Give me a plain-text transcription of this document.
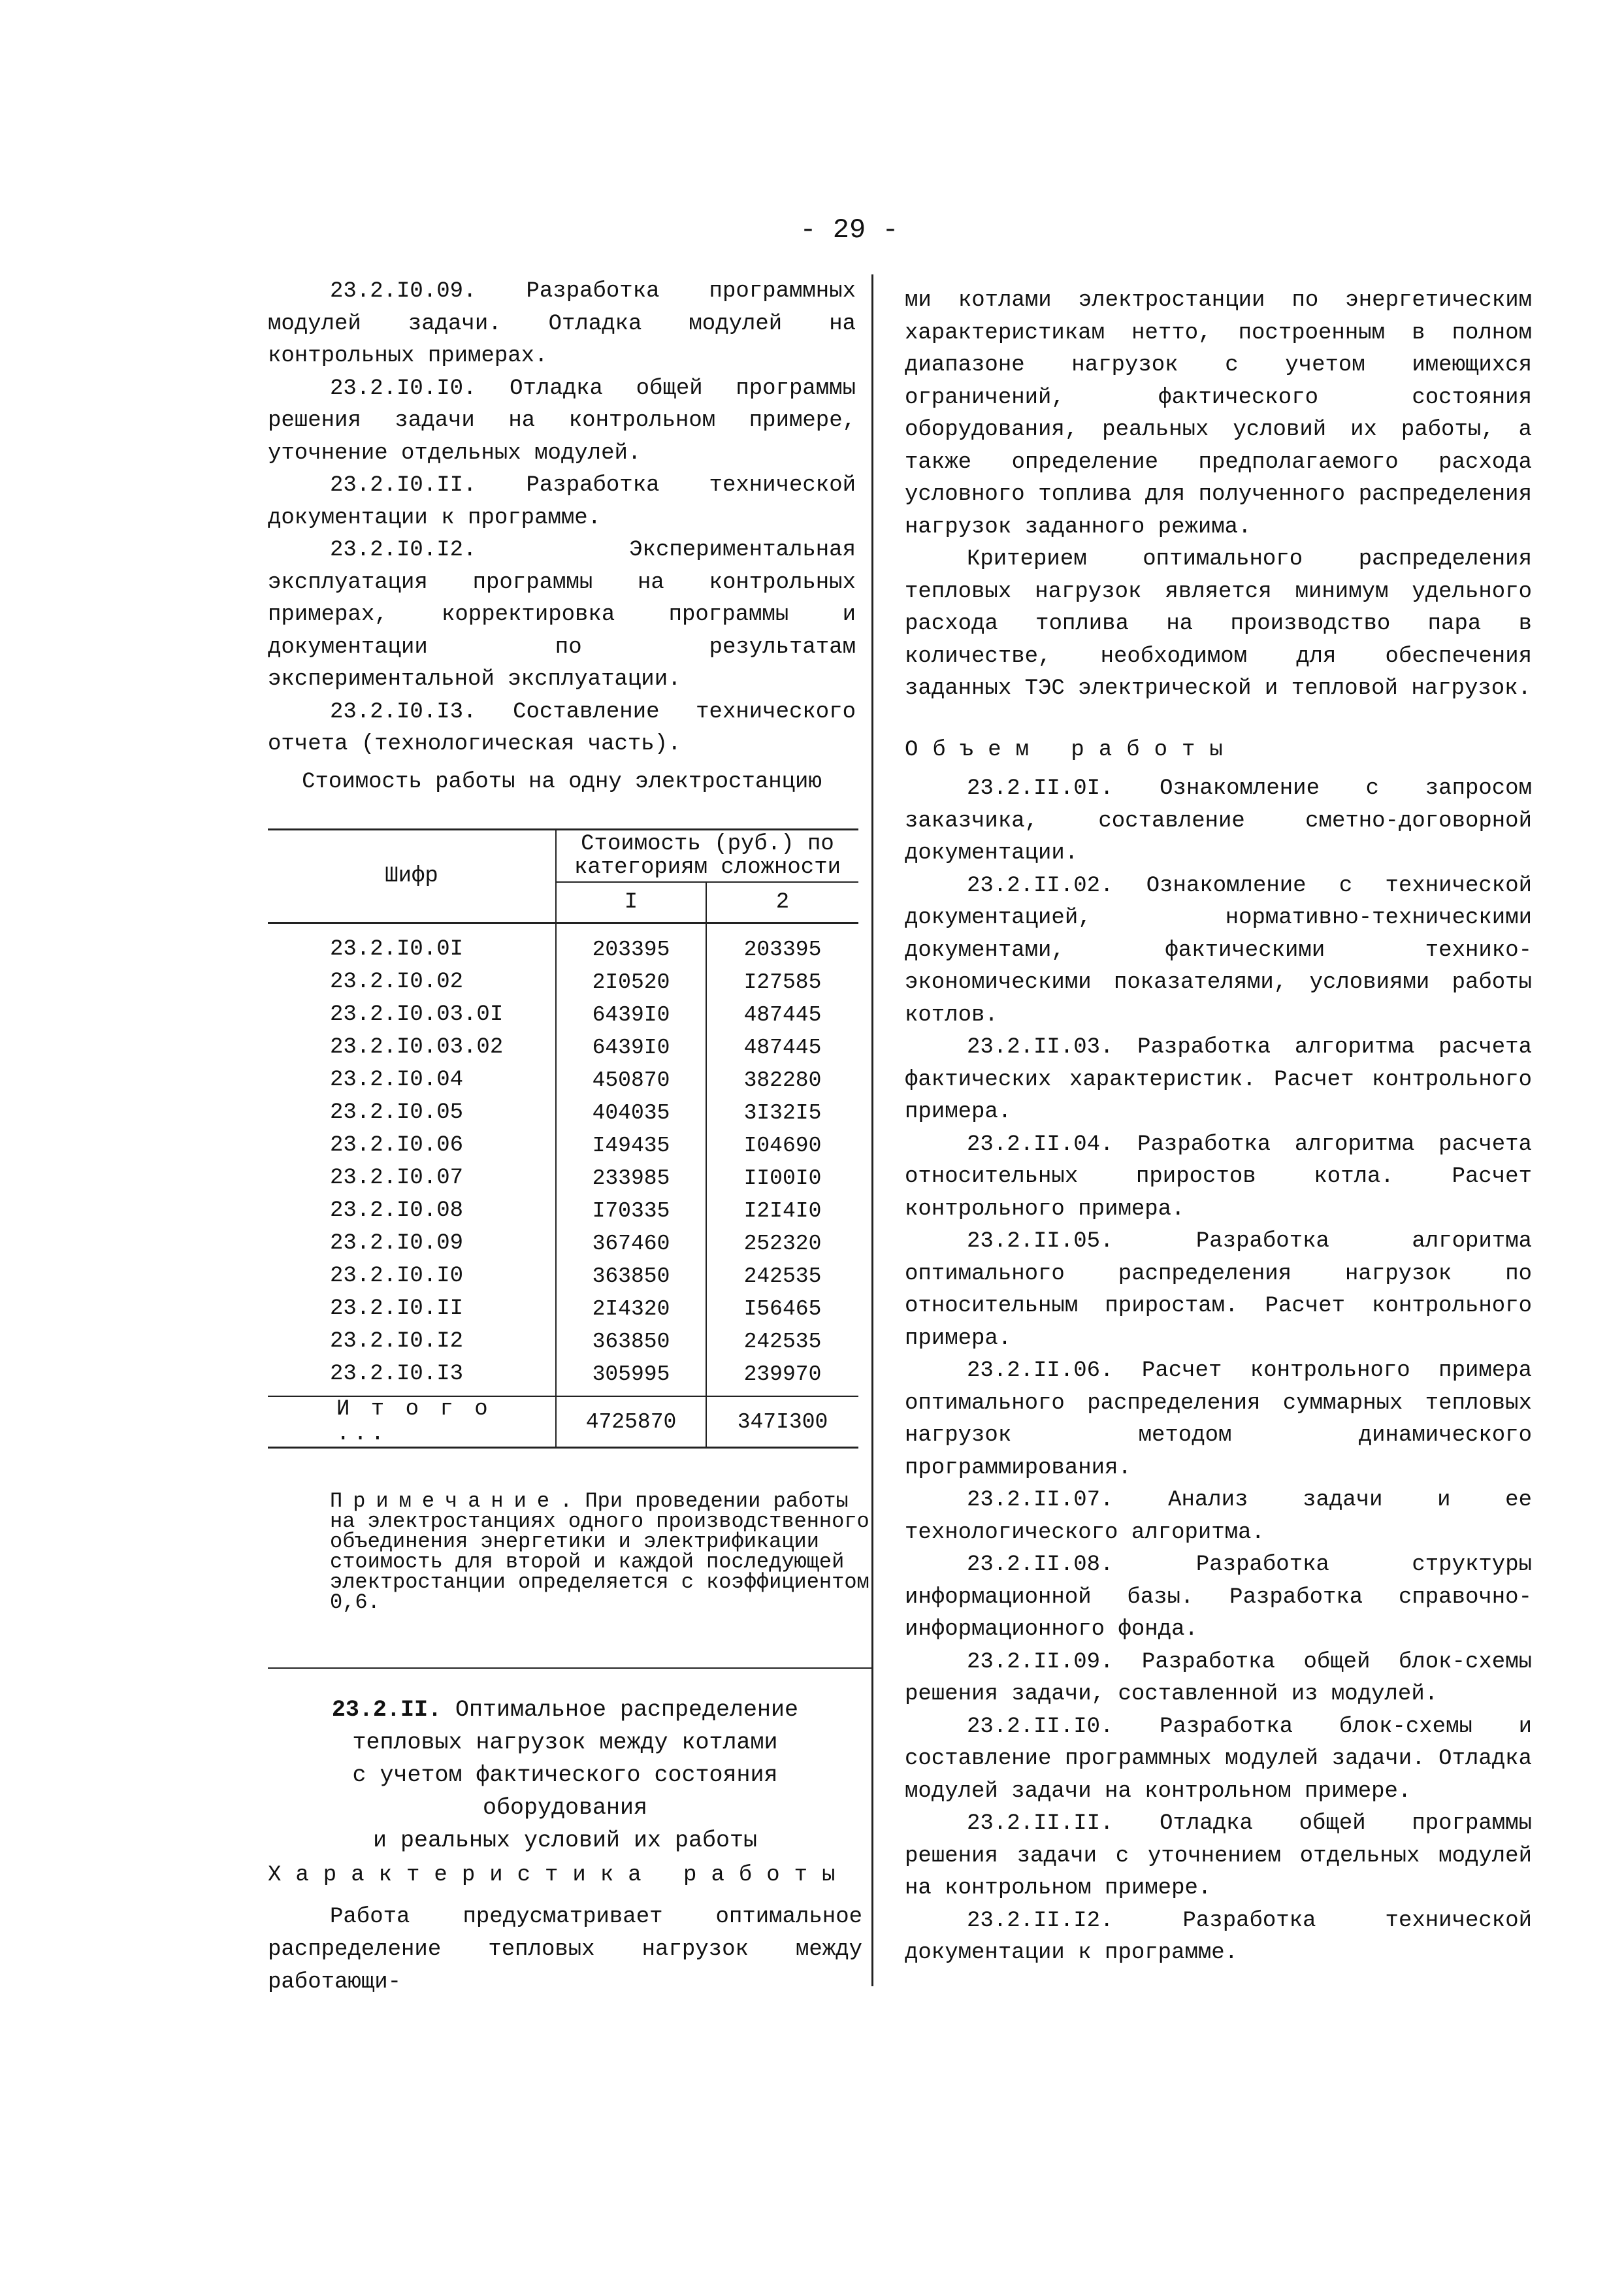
- 29 -

23.2.I0.09. Разработка программных модулей задачи. Отладка модулей на контрольных примерах.

23.2.I0.I0. Отладка общей программы решения задачи на контрольном примере, уточнение отдельных модулей.

23.2.I0.II. Разработка технической документации к программе.

23.2.I0.I2. Экспериментальная эксплуатация программы на контрольных примерах, корректировка программы и документации по результатам экспериментальной эксплуатации.

23.2.I0.I3. Составление технического отчета (технологическая часть).

Стоимость работы на одну электростанцию
Шифр	Стоимость (руб.) по категориям сложности	
	I	2

23.2.I0.0I	203395	203395
23.2.I0.02	2I0520	I27585
23.2.I0.03.0I	6439I0	487445
23.2.I0.03.02	6439I0	487445
23.2.I0.04	450870	382280
23.2.I0.05	404035	3I32I5
23.2.I0.06	I49435	I04690
23.2.I0.07	233985	II00I0
23.2.I0.08	I70335	I2I4I0
23.2.I0.09	367460	252320
23.2.I0.I0	363850	242535
23.2.I0.II	2I4320	I56465
23.2.I0.I2	363850	242535
23.2.I0.I3	305995	239970

И т о г о ...	4725870	347I300
Примечание. При проведении работы на электростанциях одного производственного объединения энергетики и электрификации стоимость для второй и каждой последующей электростанции определяется с коэффициентом 0,6.
23.2.II. Оптимальное распределение
тепловых нагрузок между котлами
с учетом фактического состояния оборудования
и реальных условий их работы

Характеристика работы

Работа предусматривает оптимальное распределение тепловых нагрузок между работающи-

ми котлами электростанции по энергетическим характеристикам нетто, построенным в полном диапазоне нагрузок с учетом имеющихся ограничений, фактического состояния оборудования, реальных условий их работы, а также определение предполагаемого расхода условного топлива для полученного распределения нагрузок заданного режима.

Критерием оптимального распределения тепловых нагрузок является минимум удельного расхода топлива на производство пара в количестве, необходимом для обеспечения заданных ТЭС электрической и тепловой нагрузок.

Объем работы

23.2.II.0I. Ознакомление с запросом заказчика, составление сметно-договорной документации.

23.2.II.02. Ознакомление с технической документацией, нормативно-техническими документами, фактическими технико-экономическими показателями, условиями работы котлов.

23.2.II.03. Разработка алгоритма расчета фактических характеристик. Расчет контрольного примера.

23.2.II.04. Разработка алгоритма расчета относительных приростов котла. Расчет контрольного примера.

23.2.II.05. Разработка алгоритма оптимального распределения нагрузок по относительным приростам. Расчет контрольного примера.

23.2.II.06. Расчет контрольного примера оптимального распределения суммарных тепловых нагрузок методом динамического программирования.

23.2.II.07. Анализ задачи и ее технологического алгоритма.

23.2.II.08. Разработка структуры информационной базы. Разработка справочно-информационного фонда.

23.2.II.09. Разработка общей блок-схемы решения задачи, составленной из модулей.

23.2.II.I0. Разработка блок-схемы и составление программных модулей задачи. Отладка модулей задачи на контрольном примере.

23.2.II.II. Отладка общей программы решения задачи с уточнением отдельных модулей на контрольном примере.

23.2.II.I2. Разработка технической документации к программе.
